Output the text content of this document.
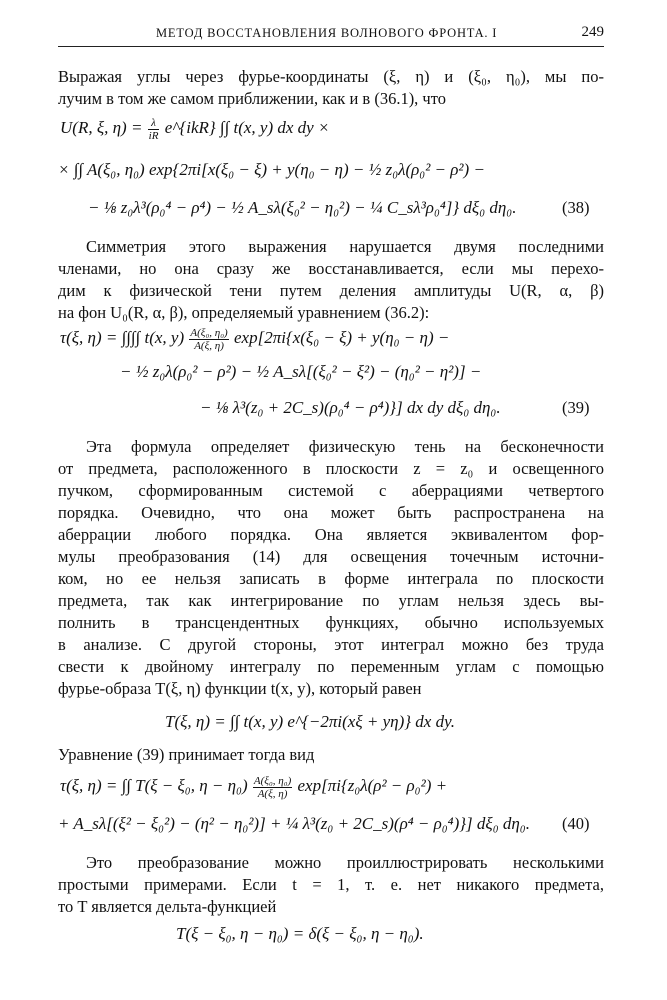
МЕТОД ВОССТАНОВЛЕНИЯ ВОЛНОВОГО ФРОНТА. I	249
Выражая углы через фурье-координаты (ξ, η) и (ξ₀, η₀), мы по-
лучим в том же самом приближении, как и в (36.1), что
U(R, ξ, $\eta) = \frac{\lambda}{iR}$ e^{ikR} ∫∫ t(x, y) dx dy ×
× ∫∫ A(ξ₀, η₀) exp{2πi[x(ξ₀ − ξ) + y(η₀ − η) − ½ z₀λ(ρ₀² − ρ²) −
− ⅛ z₀λ³(ρ₀⁴ − ρ⁴) − ½ A_sλ(ξ₀² − η₀²) − ¼ C_sλ³ρ₀⁴]} dξ₀ dη₀.	(38)
Симметрия этого выражения нарушается двумя последними
членами, но она сразу же восстанавливается, если мы перехо-
дим к физической тени путем деления амплитуды U(R, α, β)
на фон U₀(R, α, β), определяемый уравнением (36.2):
τ(ξ, η) = ∫∫∫∫ t(x, $y) \frac{\text{A(ξ₀, η₀)}}{A(\xi, \eta)} \exp[2\pi i\{x(\xi_0 - \xi) + y(\eta_0 - \eta)$ −
− ½ z₀λ(ρ₀² − ρ²) − ½ A_sλ[(ξ₀² − ξ²) − (η₀² − η²)] −
− ⅛ λ³(z₀ + 2C_s)(ρ₀⁴ − ρ⁴)}] dx dy dξ₀ dη₀.	(39)
Эта формула определяет физическую тень на бесконечности
от предмета, расположенного в плоскости z = z₀ и освещенного
пучком, сформированным системой с аберрациями четвертого
порядка. Очевидно, что она может быть распространена на
аберрации любого порядка. Она является эквивалентом фор-
мулы преобразования (14) для освещения точечным источни-
ком, но ее нельзя записать в форме интеграла по плоскости
предмета, так как интегрирование по углам нельзя здесь вы-
полнить в трансцендентных функциях, обычно используемых
в анализе. С другой стороны, этот интеграл можно без труда
свести к двойному интегралу по переменным углам с помощью
фурье-образа T(ξ, η) функции t(x, y), который равен
T(ξ, η) = ∫∫ t(x, y) e^{−2πi(xξ + yη)} dx dy.
Уравнение (39) принимает тогда вид
τ(ξ, η) = ∫∫ T(ξ − ξ₀, $\eta - \eta_0) \frac{\text{A(ξ₀, η₀)}}{A(\xi, \eta)} \exp[\pi i\{z_0\lambda(\rho^2 - \rho_0^2)$ +
+ A_sλ[(ξ² − ξ₀²) − (η² − η₀²)] + ¼ λ³(z₀ + 2C_s)(ρ⁴ − ρ₀⁴)}] dξ₀ dη₀. (40)
Это преобразование можно проиллюстрировать несколькими
простыми примерами. Если t = 1, т. е. нет никакого предмета,
то T является дельта-функцией
T(ξ − ξ₀, η − η₀) = δ(ξ − ξ₀, η − η₀).
